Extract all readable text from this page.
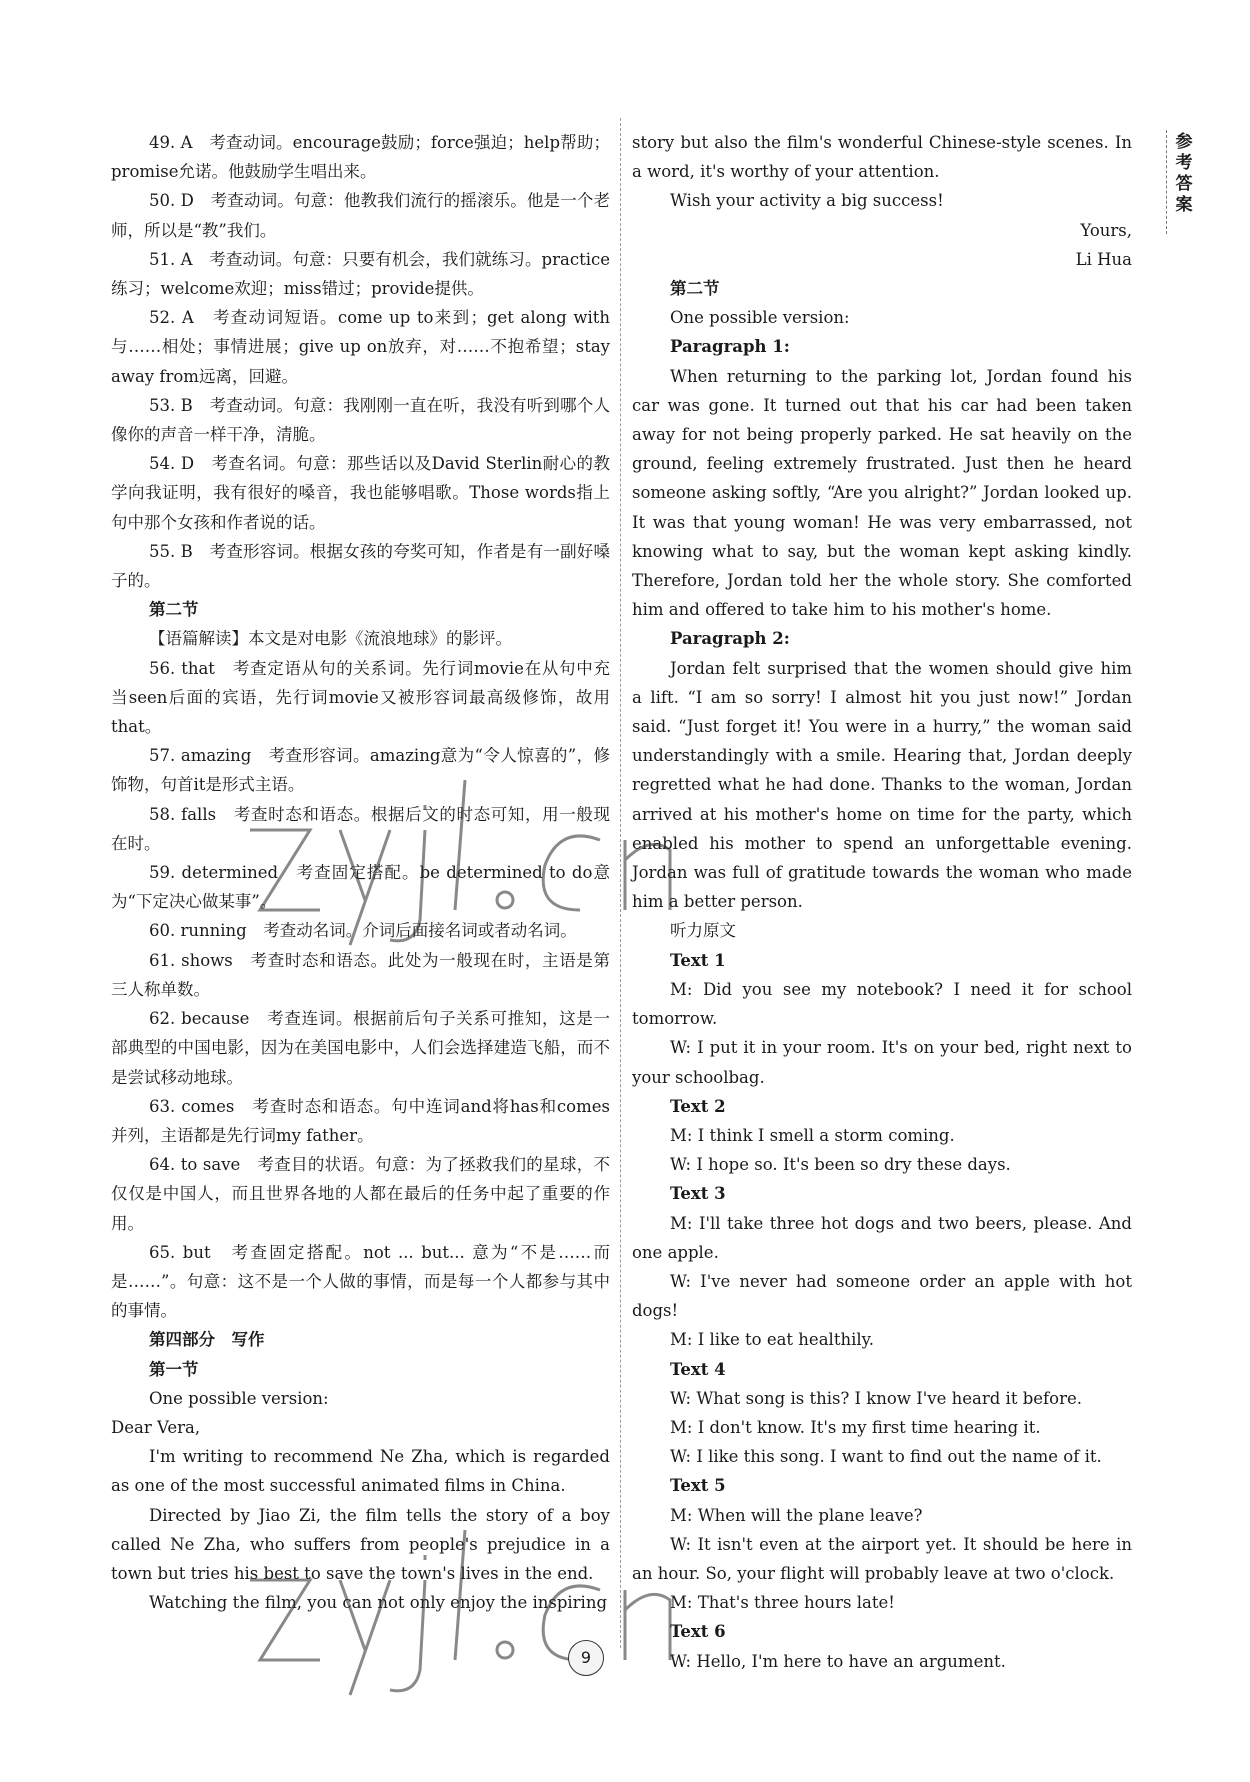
参考答案

49. A　考查动词。encourage鼓励；force强迫；help帮助；promise允诺。他鼓励学生唱出来。

50. D　考查动词。句意：他教我们流行的摇滚乐。他是一个老师，所以是“教”我们。

51. A　考查动词。句意：只要有机会，我们就练习。practice练习；welcome欢迎；miss错过；provide提供。

52. A　考查动词短语。come up to来到；get along with与……相处；事情进展；give up on放弃，对……不抱希望；stay away from远离，回避。

53. B　考查动词。句意：我刚刚一直在听，我没有听到哪个人像你的声音一样干净，清脆。

54. D　考查名词。句意：那些话以及David Sterlin耐心的教学向我证明，我有很好的嗓音，我也能够唱歌。Those words指上句中那个女孩和作者说的话。

55. B　考查形容词。根据女孩的夸奖可知，作者是有一副好嗓子的。

第二节

【语篇解读】本文是对电影《流浪地球》的影评。

56. that　考查定语从句的关系词。先行词movie在从句中充当seen后面的宾语，先行词movie又被形容词最高级修饰，故用that。

57. amazing　考查形容词。amazing意为“令人惊喜的”，修饰物，句首it是形式主语。

58. falls　考查时态和语态。根据后文的时态可知，用一般现在时。

59. determined　考查固定搭配。be determined to do意为“下定决心做某事”。

60. running　考查动名词。介词后面接名词或者动名词。

61. shows　考查时态和语态。此处为一般现在时，主语是第三人称单数。

62. because　考查连词。根据前后句子关系可推知，这是一部典型的中国电影，因为在美国电影中，人们会选择建造飞船，而不是尝试移动地球。

63. comes　考查时态和语态。句中连词and将has和comes并列，主语都是先行词my father。

64. to save　考查目的状语。句意：为了拯救我们的星球，不仅仅是中国人，而且世界各地的人都在最后的任务中起了重要的作用。

65. but　考查固定搭配。not ... but... 意为“不是……而是……”。句意：这不是一个人做的事情，而是每一个人都参与其中的事情。

第四部分　写作

第一节

One possible version:

Dear Vera,

I'm writing to recommend Ne Zha, which is regarded as one of the most successful animated films in China.

Directed by Jiao Zi, the film tells the story of a boy called Ne Zha, who suffers from people's prejudice in a town but tries his best to save the town's lives in the end.

Watching the film, you can not only enjoy the inspiring

story but also the film's wonderful Chinese-style scenes. In a word, it's worthy of your attention.

Wish your activity a big success!

Yours,

Li Hua

第二节

One possible version:

Paragraph 1:

When returning to the parking lot, Jordan found his car was gone. It turned out that his car had been taken away for not being properly parked. He sat heavily on the ground, feeling extremely frustrated. Just then he heard someone asking softly, “Are you alright?” Jordan looked up. It was that young woman! He was very embarrassed, not knowing what to say, but the woman kept asking kindly. Therefore, Jordan told her the whole story. She comforted him and offered to take him to his mother's home.

Paragraph 2:

Jordan felt surprised that the women should give him a lift. “I am so sorry! I almost hit you just now!” Jordan said. “Just forget it! You were in a hurry,” the woman said understandingly with a smile. Hearing that, Jordan deeply regretted what he had done. Thanks to the woman, Jordan arrived at his mother's home on time for the party, which enabled his mother to spend an unforgettable evening. Jordan was full of gratitude towards the woman who made him a better person.

听力原文

Text 1

M: Did you see my notebook? I need it for school tomorrow.

W: I put it in your room. It's on your bed, right next to your schoolbag.

Text 2

M: I think I smell a storm coming.

W: I hope so. It's been so dry these days.

Text 3

M: I'll take three hot dogs and two beers, please. And one apple.

W: I've never had someone order an apple with hot dogs!

M: I like to eat healthily.

Text 4

W: What song is this? I know I've heard it before.

M: I don't know. It's my first time hearing it.

W: I like this song. I want to find out the name of it.

Text 5

M: When will the plane leave?

W: It isn't even at the airport yet. It should be here in an hour. So, your flight will probably leave at two o'clock.

M: That's three hours late!

Text 6

W: Hello, I'm here to have an argument.

9
